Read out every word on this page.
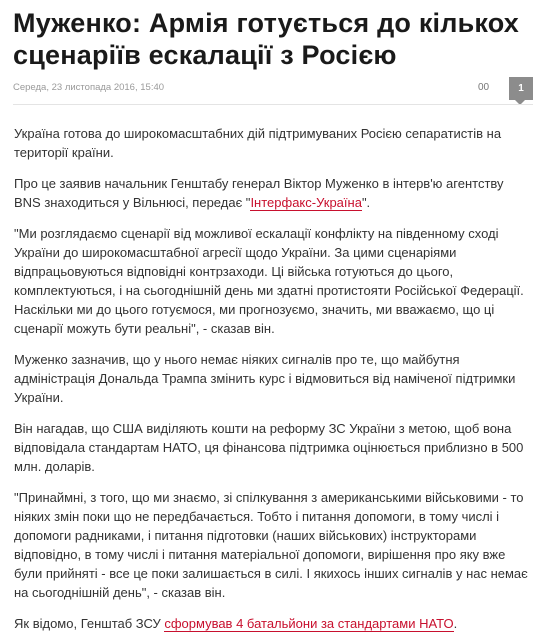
Муженко: Армія готується до кількох сценаріїв ескалації з Росією
Середа, 23 листопада 2016, 15:40	00	1

Україна готова до широкомасштабних дій підтримуваних Росією сепаратистів на території країни.

Про це заявив начальник Генштабу генерал Віктор Муженко в інтерв'ю агентству BNS знаходиться у Вільнюсі, передає "Інтерфакс-Україна".

"Ми розглядаємо сценарії від можливої ескалації конфлікту на південному сході України до широкомасштабної агресії щодо України. За цими сценаріями відпрацьовуються відповідні контрзаходи. Ці війська готуються до цього, комплектуються, і на сьогоднішній день ми здатні протистояти Російської Федерації. Наскільки ми до цього готуємося, ми прогнозуємо, значить, ми вважаємо, що ці сценарії можуть бути реальні", - сказав він.

Муженко зазначив, що у нього немає ніяких сигналів про те, що майбутня адміністрація Дональда Трампа змінить курс і відмовиться від наміченої підтримки України.

Він нагадав, що США виділяють кошти на реформу ЗС України з метою, щоб вона відповідала стандартам НАТО, ця фінансова підтримка оцінюється приблизно в 500 млн. доларів.

"Принаймні, з того, що ми знаємо, зі спілкування з американськими військовими - то ніяких змін поки що не передбачається. Тобто і питання допомоги, в тому числі і допомоги радниками, і питання підготовки (наших військових) інструкторами відповідно, в тому числі і питання матеріальної допомоги, вирішення про яку вже були прийняті - все це поки залишається в силі. І якихось інших сигналів у нас немає на сьогоднішній день", - сказав він.

Як відомо, Генштаб ЗСУ сформував 4 батальйони за стандартами НАТО.
